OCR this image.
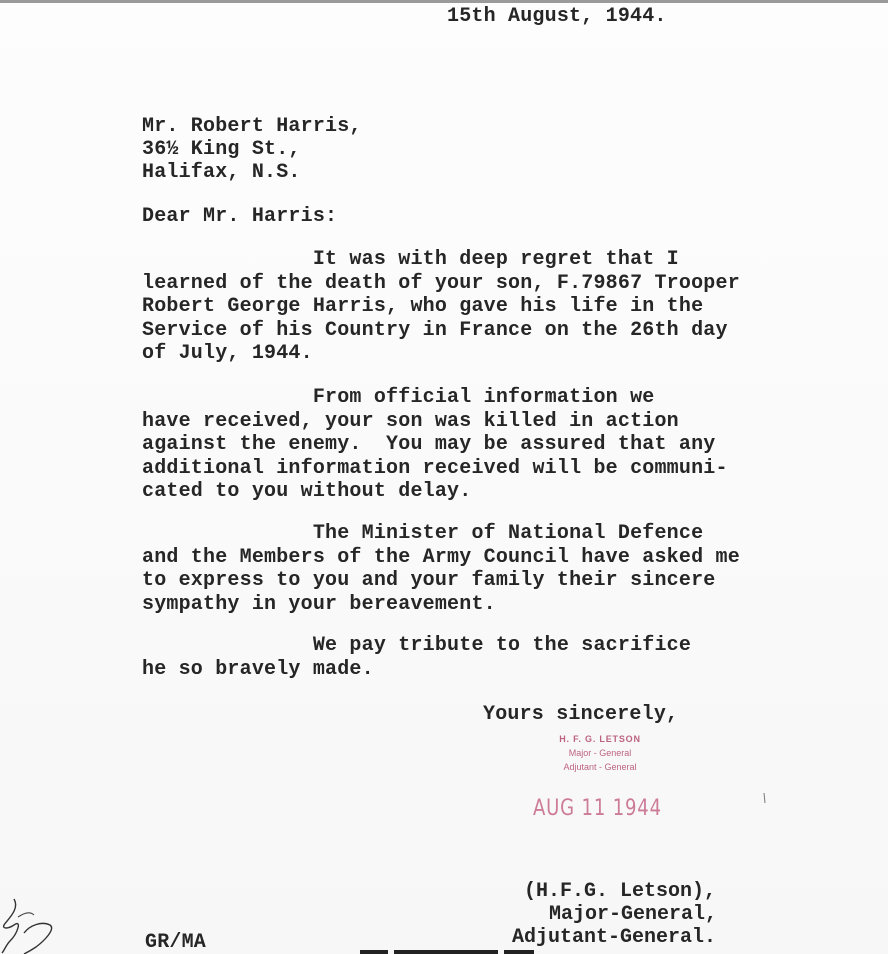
15th August, 1944.
Mr. Robert Harris,
36½ King St.,
Halifax, N.S.
Dear Mr. Harris:
It was with deep regret that I
learned of the death of your son, F.79867 Trooper
Robert George Harris, who gave his life in the
Service of his Country in France on the 26th day
of July, 1944.
From official information we
have received, your son was killed in action
against the enemy.  You may be assured that any
additional information received will be communi-
cated to you without delay.
The Minister of National Defence
and the Members of the Army Council have asked me
to express to you and your family their sincere
sympathy in your bereavement.
We pay tribute to the sacrifice
he so bravely made.
Yours sincerely,
H. F. G. LETSON
Major - General
Adjutant - General
AUG 11 1944
(H.F.G. Letson),
Major-General,
Adjutant-General.
GR/MA
